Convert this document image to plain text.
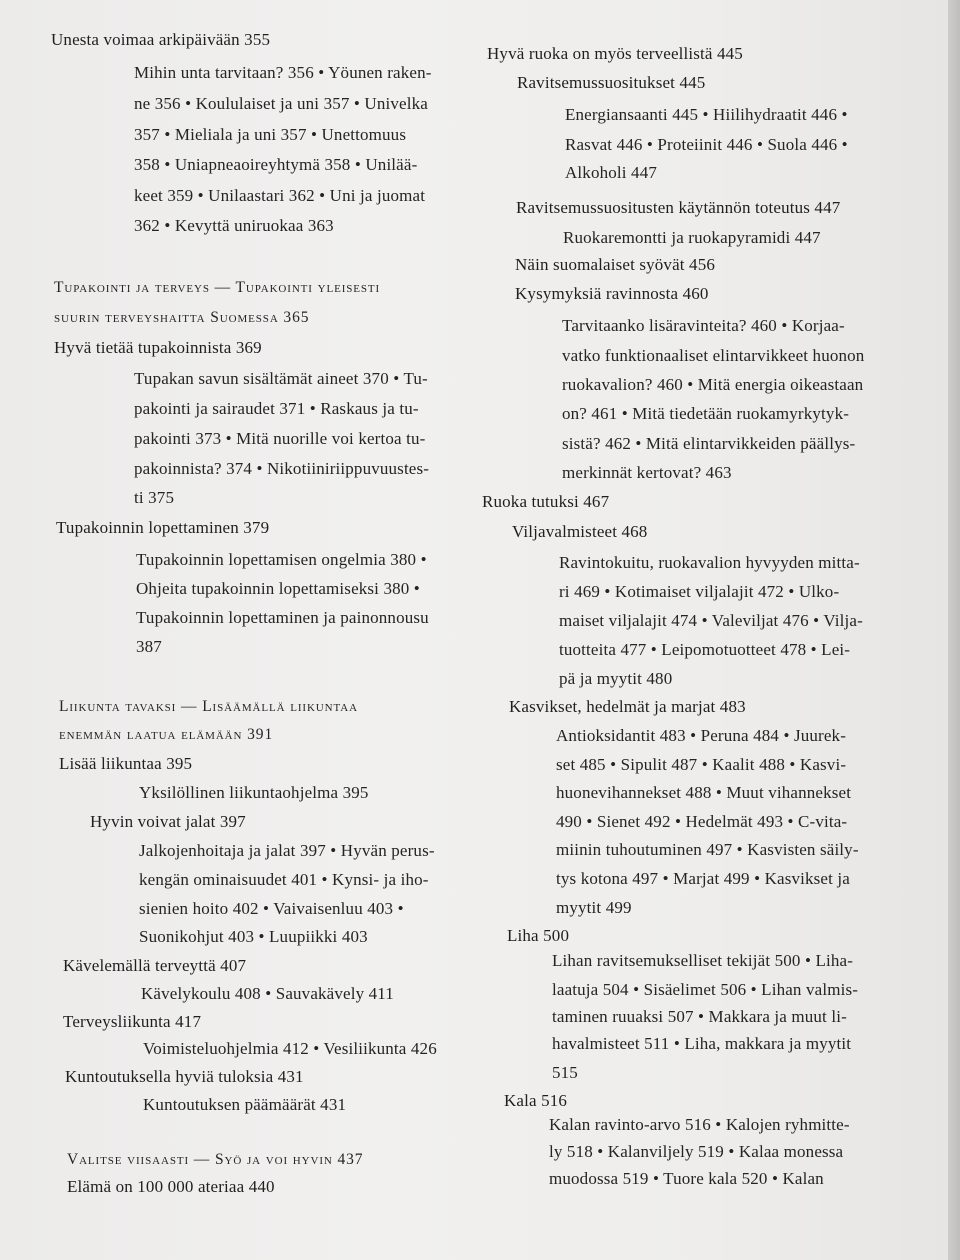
Unesta voimaa arkipäivään 355
Mihin unta tarvitaan? 356 • Yöunen raken-
ne 356 • Koululaiset ja uni 357 • Univelka
357 • Mieliala ja uni 357 • Unettomuus
358 • Uniapneaoireyhtymä 358 • Unilää-
keet 359 • Unilaastari 362 • Uni ja juomat
362 • Kevyttä uniruokaa 363
Tupakointi ja terveys — Tupakointi yleisesti
suurin terveyshaitta Suomessa 365
Hyvä tietää tupakoinnista 369
Tupakan savun sisältämät aineet 370 • Tu-
pakointi ja sairaudet 371 • Raskaus ja tu-
pakointi 373 • Mitä nuorille voi kertoa tu-
pakoinnista? 374 • Nikotiiniriippuvuustes-
ti 375
Tupakoinnin lopettaminen 379
Tupakoinnin lopettamisen ongelmia 380 •
Ohjeita tupakoinnin lopettamiseksi 380 •
Tupakoinnin lopettaminen ja painonnousu
387
Liikunta tavaksi — Lisäämällä liikuntaa
enemmän laatua elämään 391
Lisää liikuntaa 395
Yksilöllinen liikuntaohjelma 395
Hyvin voivat jalat 397
Jalkojenhoitaja ja jalat 397 • Hyvän perus-
kengän ominaisuudet 401 • Kynsi- ja iho-
sienien hoito 402 • Vaivaisenluu 403 •
Suonikohjut 403 • Luupiikki 403
Kävelemällä terveyttä 407
Kävelykoulu 408 • Sauvakävely 411
Terveysliikunta 417
Voimisteluohjelmia 412 • Vesiliikunta 426
Kuntoutuksella hyviä tuloksia 431
Kuntoutuksen päämäärät 431
Valitse viisaasti — Syö ja voi hyvin 437
Elämä on 100 000 ateriaa 440
Hyvä ruoka on myös terveellistä 445
Ravitsemussuositukset 445
Energiansaanti 445 • Hiilihydraatit 446 •
Rasvat 446 • Proteiinit 446 • Suola 446 •
Alkoholi 447
Ravitsemussuositusten käytännön toteutus 447
Ruokaremontti ja ruokapyramidi 447
Näin suomalaiset syövät 456
Kysymyksiä ravinnosta 460
Tarvitaanko lisäravinteita? 460 • Korjaa-
vatko funktionaaliset elintarvikkeet huonon
ruokavalion? 460 • Mitä energia oikeastaan
on? 461 • Mitä tiedetään ruokamyrkytyk-
sistä? 462 • Mitä elintarvikkeiden päällys-
merkinnät kertovat? 463
Ruoka tutuksi 467
Viljavalmisteet 468
Ravintokuitu, ruokavalion hyvyyden mitta-
ri 469 • Kotimaiset viljalajit 472 • Ulko-
maiset viljalajit 474 • Valeviljat 476 • Vilja-
tuotteita 477 • Leipomotuotteet 478 • Lei-
pä ja myytit 480
Kasvikset, hedelmät ja marjat 483
Antioksidantit 483 • Peruna 484 • Juurek-
set 485 • Sipulit 487 • Kaalit 488 • Kasvi-
huonevihannekset 488 • Muut vihannekset
490 • Sienet 492 • Hedelmät 493 • C-vita-
miinin tuhoutuminen 497 • Kasvisten säily-
tys kotona 497 • Marjat 499 • Kasvikset ja
myytit 499
Liha 500
Lihan ravitsemukselliset tekijät 500 • Liha-
laatuja 504 • Sisäelimet 506 • Lihan valmis-
taminen ruuaksi 507 • Makkara ja muut li-
havalmisteet 511 • Liha, makkara ja myytit
515
Kala 516
Kalan ravinto-arvo 516 • Kalojen ryhmitte-
ly 518 • Kalanviljely 519 • Kalaa monessa
muodossa 519 • Tuore kala 520 • Kalan
